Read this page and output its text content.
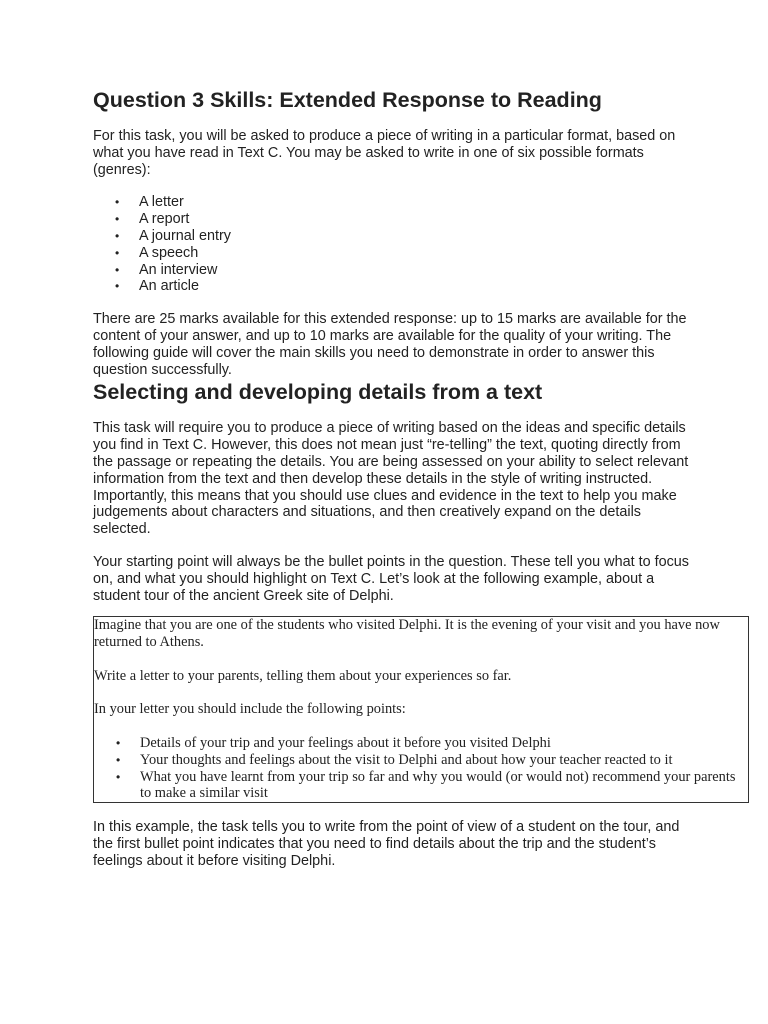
Question 3 Skills: Extended Response to Reading

For this task, you will be asked to produce a piece of writing in a particular format, based on what you have read in Text C. You may be asked to write in one of six possible formats (genres):

• A letter
• A report
• A journal entry
• A speech
• An interview
• An article

There are 25 marks available for this extended response: up to 15 marks are available for the content of your answer, and up to 10 marks are available for the quality of your writing. The following guide will cover the main skills you need to demonstrate in order to answer this question successfully.

Selecting and developing details from a text

This task will require you to produce a piece of writing based on the ideas and specific details you find in Text C. However, this does not mean just “re-telling” the text, quoting directly from the passage or repeating the details. You are being assessed on your ability to select relevant information from the text and then develop these details in the style of writing instructed. Importantly, this means that you should use clues and evidence in the text to help you make judgements about characters and situations, and then creatively expand on the details selected.

Your starting point will always be the bullet points in the question. These tell you what to focus on, and what you should highlight on Text C. Let’s look at the following example, about a student tour of the ancient Greek site of Delphi.

Imagine that you are one of the students who visited Delphi. It is the evening of your visit and you have now returned to Athens.

Write a letter to your parents, telling them about your experiences so far.

In your letter you should include the following points:

• Details of your trip and your feelings about it before you visited Delphi
• Your thoughts and feelings about the visit to Delphi and about how your teacher reacted to it
• What you have learnt from your trip so far and why you would (or would not) recommend your parents to make a similar visit

In this example, the task tells you to write from the point of view of a student on the tour, and the first bullet point indicates that you need to find details about the trip and the student’s feelings about it before visiting Delphi.
